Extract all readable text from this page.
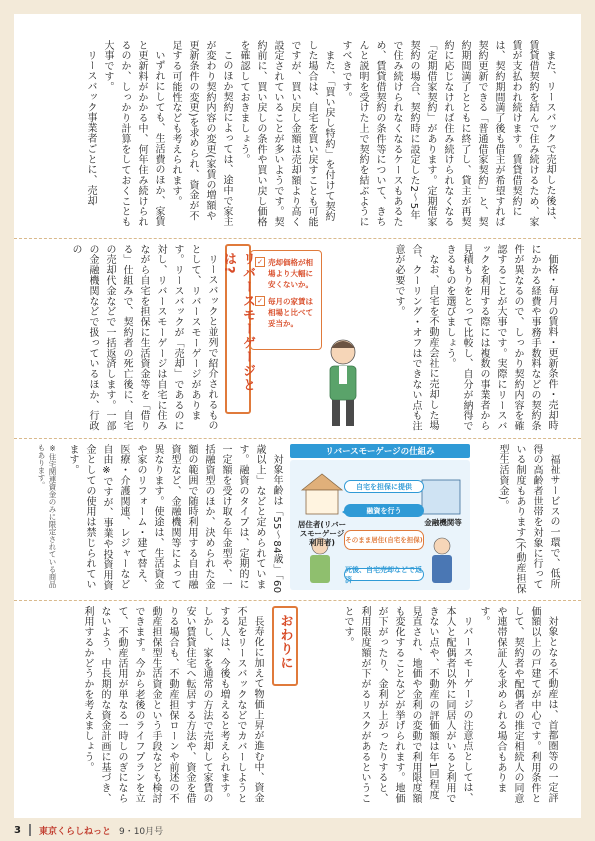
また、リースバックで売却した後は、賃貸借契約を結んで住み続けるため、家賃が支払われ続けます。賃貸借契約には、契約期間満了後も借主が希望すれば契約更新できる「普通借家契約」と、契約期間満了とともに終了し、貸主が再契約に応じなければ住み続けられなくなる「定期借家契約」があります。定期借家契約の場合、契約時に設定した2〜5年で住み続けられなくなるケースもあるため、賃貸借契約の条件等について、きちんと説明を受けた上で契約を結ぶようにすべきです。

また、「買い戻し特約」を付けて契約した場合は、自宅を買い戻すことも可能ですが、買い戻し金額は売却額より高く設定されていることが多いようです。契約前に、買い戻しの条件や買い戻し価格を確認しておきましょう。

このほか契約によっては、途中で家主が変わり契約内容の変更(家賃の増額や更新条件の変更)を求められ、資金が不足する可能性なども考えられます。

いずれにしても、生活費のほか、家賃と更新料がかかる中、何年住み続けられるのか、しっかり計算をしておくことも大事です。

リースバック事業者ごとに、売却

価格・毎月の賃料・更新条件・売却時にかかる経費や事務手数料などの契約条件が異なるので、しっかり契約内容を確認することが大事です。実際にリースバックを利用する際には複数の事業者から見積もりをとって比較し、自分が納得できるものを選びましょう。

なお、自宅を不動産会社に売却した場合、クーリング・オフはできない点も注意が必要です。

✓ 売却価格が相場より大幅に安くないか。
✓ 毎月の家賃は相場と比べて妥当か。
リバースモーゲージとは?

リースバックと並列で紹介されるものとして、リバースモーゲージがあります。リースバックが「売却」であるのに対し、リバースモーゲージは自宅に住みながら自宅を担保に生活資金等を「借りる」仕組みで、契約者の死亡後に、自宅の売却代金などで一括返済します。一部の金融機関などで扱っているほか、行政の

福祉サービスの一環で、低所得の高齢者世帯を対象に行っている制度もあります(不動産担保型生活資金)。

リバースモーゲージの仕組み
居住者(リバースモーゲージ利用者)
金融機関等
自宅を担保に提供
融資を行う
そのまま居住(自宅を担保)
死後、自宅売却などで返済

対象年齢は「55〜84歳」「60歳以上」などと定められています。融資のタイプは、定期的に一定額を受け取る年金型や、一括融資型のほか、決められた金額の範囲で随時利用する自由融資型など、金融機関等によって異なります。使途は、生活資金や家のリフォーム・建て替え、医療・介護関連、レジャーなど自由※ですが、事業や投資用資金としての使用は禁じられています。

※住宅関連資金のみに限定されている商品もあります。

対象となる不動産は、首都圏等の一定評価額以上の戸建てが中心です。利用条件として、契約者や配偶者の推定相続人の同意や連帯保証人を求められる場合もあります。

リバースモーゲージの注意点としては、本人と配偶者以外に同居人がいると利用できない点や、不動産の評価額は年1回程度見直され、地価や金利の変動で利用限度額も変化することなどが挙げられます。地価が下がったり、金利が上がったりすると、利用限度額が下がるリスクがあるということです。

おわりに

長寿化に加えて物価上昇が進む中、資金不足をリースバックなどでカバーしようとする人は、今後も増えると考えられます。しかし、家を通常の方法で売却して家賃の安い賃貸住宅へ転居する方法や、資金を借りる場合も、不動産担保ローンや前述の不動産担保型生活資金という手段なども検討できます。今から老後のライフプランを立て、不動産活用が単なる一時しのぎにならないよう、中長期的な資金計画に基づき、利用するかどうかを考えましょう。

3 東京くらしねっと 9・10月号
